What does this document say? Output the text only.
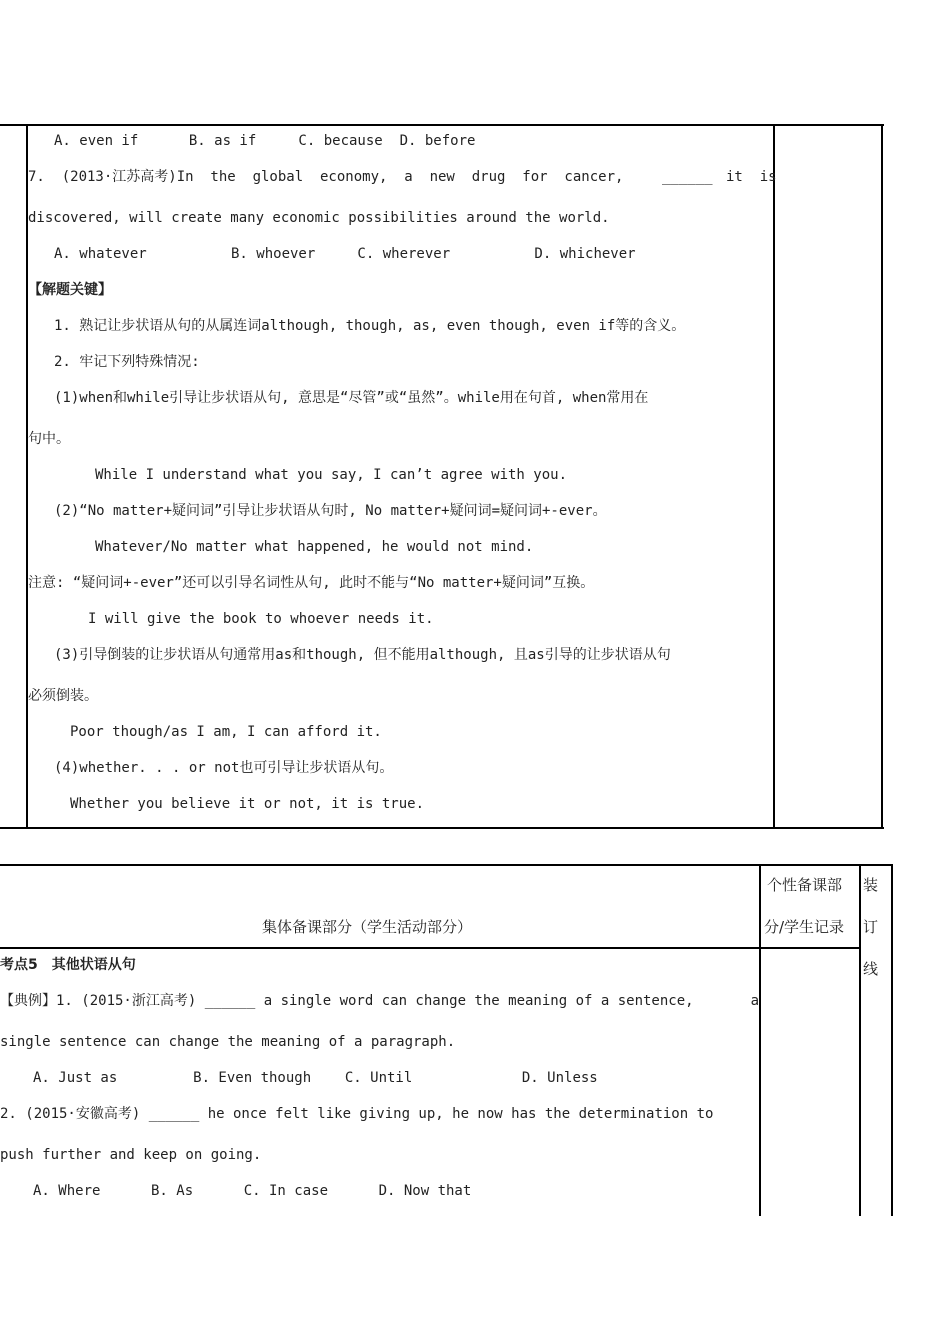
A. even if      B. as if     C. because  D. before
7.  (2013·江苏高考)In  the  global  economy,  a  new  drug  for  cancer,	______ it  is
discovered, will create many economic possibilities around the world.
A. whatever          B. whoever     C. wherever          D. whichever
【解题关键】
1. 熟记让步状语从句的从属连词although, though, as, even though, even if等的含义。
2. 牢记下列特殊情况:
(1)when和while引导让步状语从句, 意思是“尽管”或“虽然”。while用在句首, when常用在
句中。
While I understand what you say, I can’t agree with you.
(2)“No matter+疑问词”引导让步状语从句时, No matter+疑问词=疑问词+-ever。
Whatever/No matter what happened, he would not mind.
注意: “疑问词+-ever”还可以引导名词性从句, 此时不能与“No matter+疑问词”互换。
I will give the book to whoever needs it.
(3)引导倒装的让步状语从句通常用as和though, 但不能用although, 且as引导的让步状语从句
必须倒装。
Poor though/as I am, I can afford it.
(4)whether. . . or not也可引导让步状语从句。
Whether you believe it or not, it is true.
集体备课部分（学生活动部分）
个性备课部
分/学生记录
装
订
线
考点5　其他状语从句
【典例】1. (2015·浙江高考) ______ a single word can change the meaning of a sentence,	a
single sentence can change the meaning of a paragraph.
A. Just as         B. Even though    C. Until             D. Unless
2. (2015·安徽高考) ______ he once felt like giving up, he now has the determination to
push further and keep on going.
A. Where      B. As      C. In case      D. Now that
